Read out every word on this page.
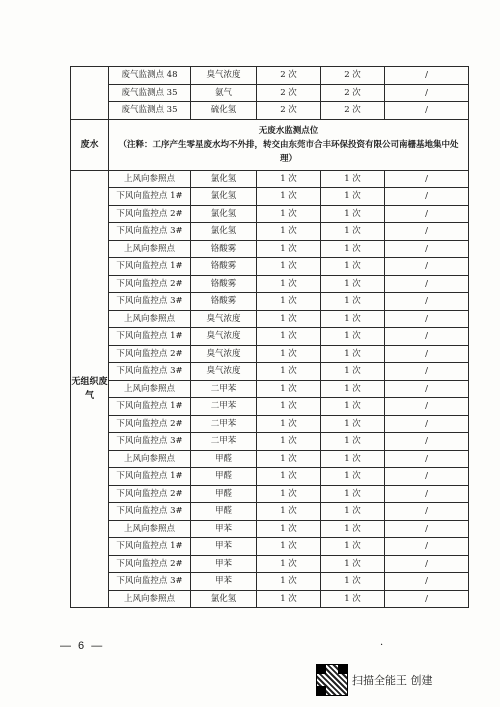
	废气监测点 48	臭气浓度	2 次	2 次	/
	废气监测点 35	氨气	2 次	2 次	/
	废气监测点 35	硫化氢	2 次	2 次	/
废水	无废水监测点位
（注释：工序产生零星废水均不外排，转交由东莞市合丰环保投资有限公司南栅基地集中处理）				

无组织废气	上风向参照点	氯化氢	1 次	1 次	/
	下风向监控点 1#	氯化氢	1 次	1 次	/
	下风向监控点 2#	氯化氢	1 次	1 次	/
	下风向监控点 3#	氯化氢	1 次	1 次	/
	上风向参照点	铬酸雾	1 次	1 次	/
	下风向监控点 1#	铬酸雾	1 次	1 次	/
	下风向监控点 2#	铬酸雾	1 次	1 次	/
	下风向监控点 3#	铬酸雾	1 次	1 次	/
	上风向参照点	臭气浓度	1 次	1 次	/
	下风向监控点 1#	臭气浓度	1 次	1 次	/
	下风向监控点 2#	臭气浓度	1 次	1 次	/
	下风向监控点 3#	臭气浓度	1 次	1 次	/
	上风向参照点	二甲苯	1 次	1 次	/
	下风向监控点 1#	二甲苯	1 次	1 次	/
	下风向监控点 2#	二甲苯	1 次	1 次	/
	下风向监控点 3#	二甲苯	1 次	1 次	/
	上风向参照点	甲醛	1 次	1 次	/
	下风向监控点 1#	甲醛	1 次	1 次	/
	下风向监控点 2#	甲醛	1 次	1 次	/
	下风向监控点 3#	甲醛	1 次	1 次	/
	上风向参照点	甲苯	1 次	1 次	/
	下风向监控点 1#	甲苯	1 次	1 次	/
	下风向监控点 2#	甲苯	1 次	1 次	/
	下风向监控点 3#	甲苯	1 次	1 次	/
	上风向参照点	氯化氢	1 次	1 次	/
— 6 —	·
扫描全能王 创建
